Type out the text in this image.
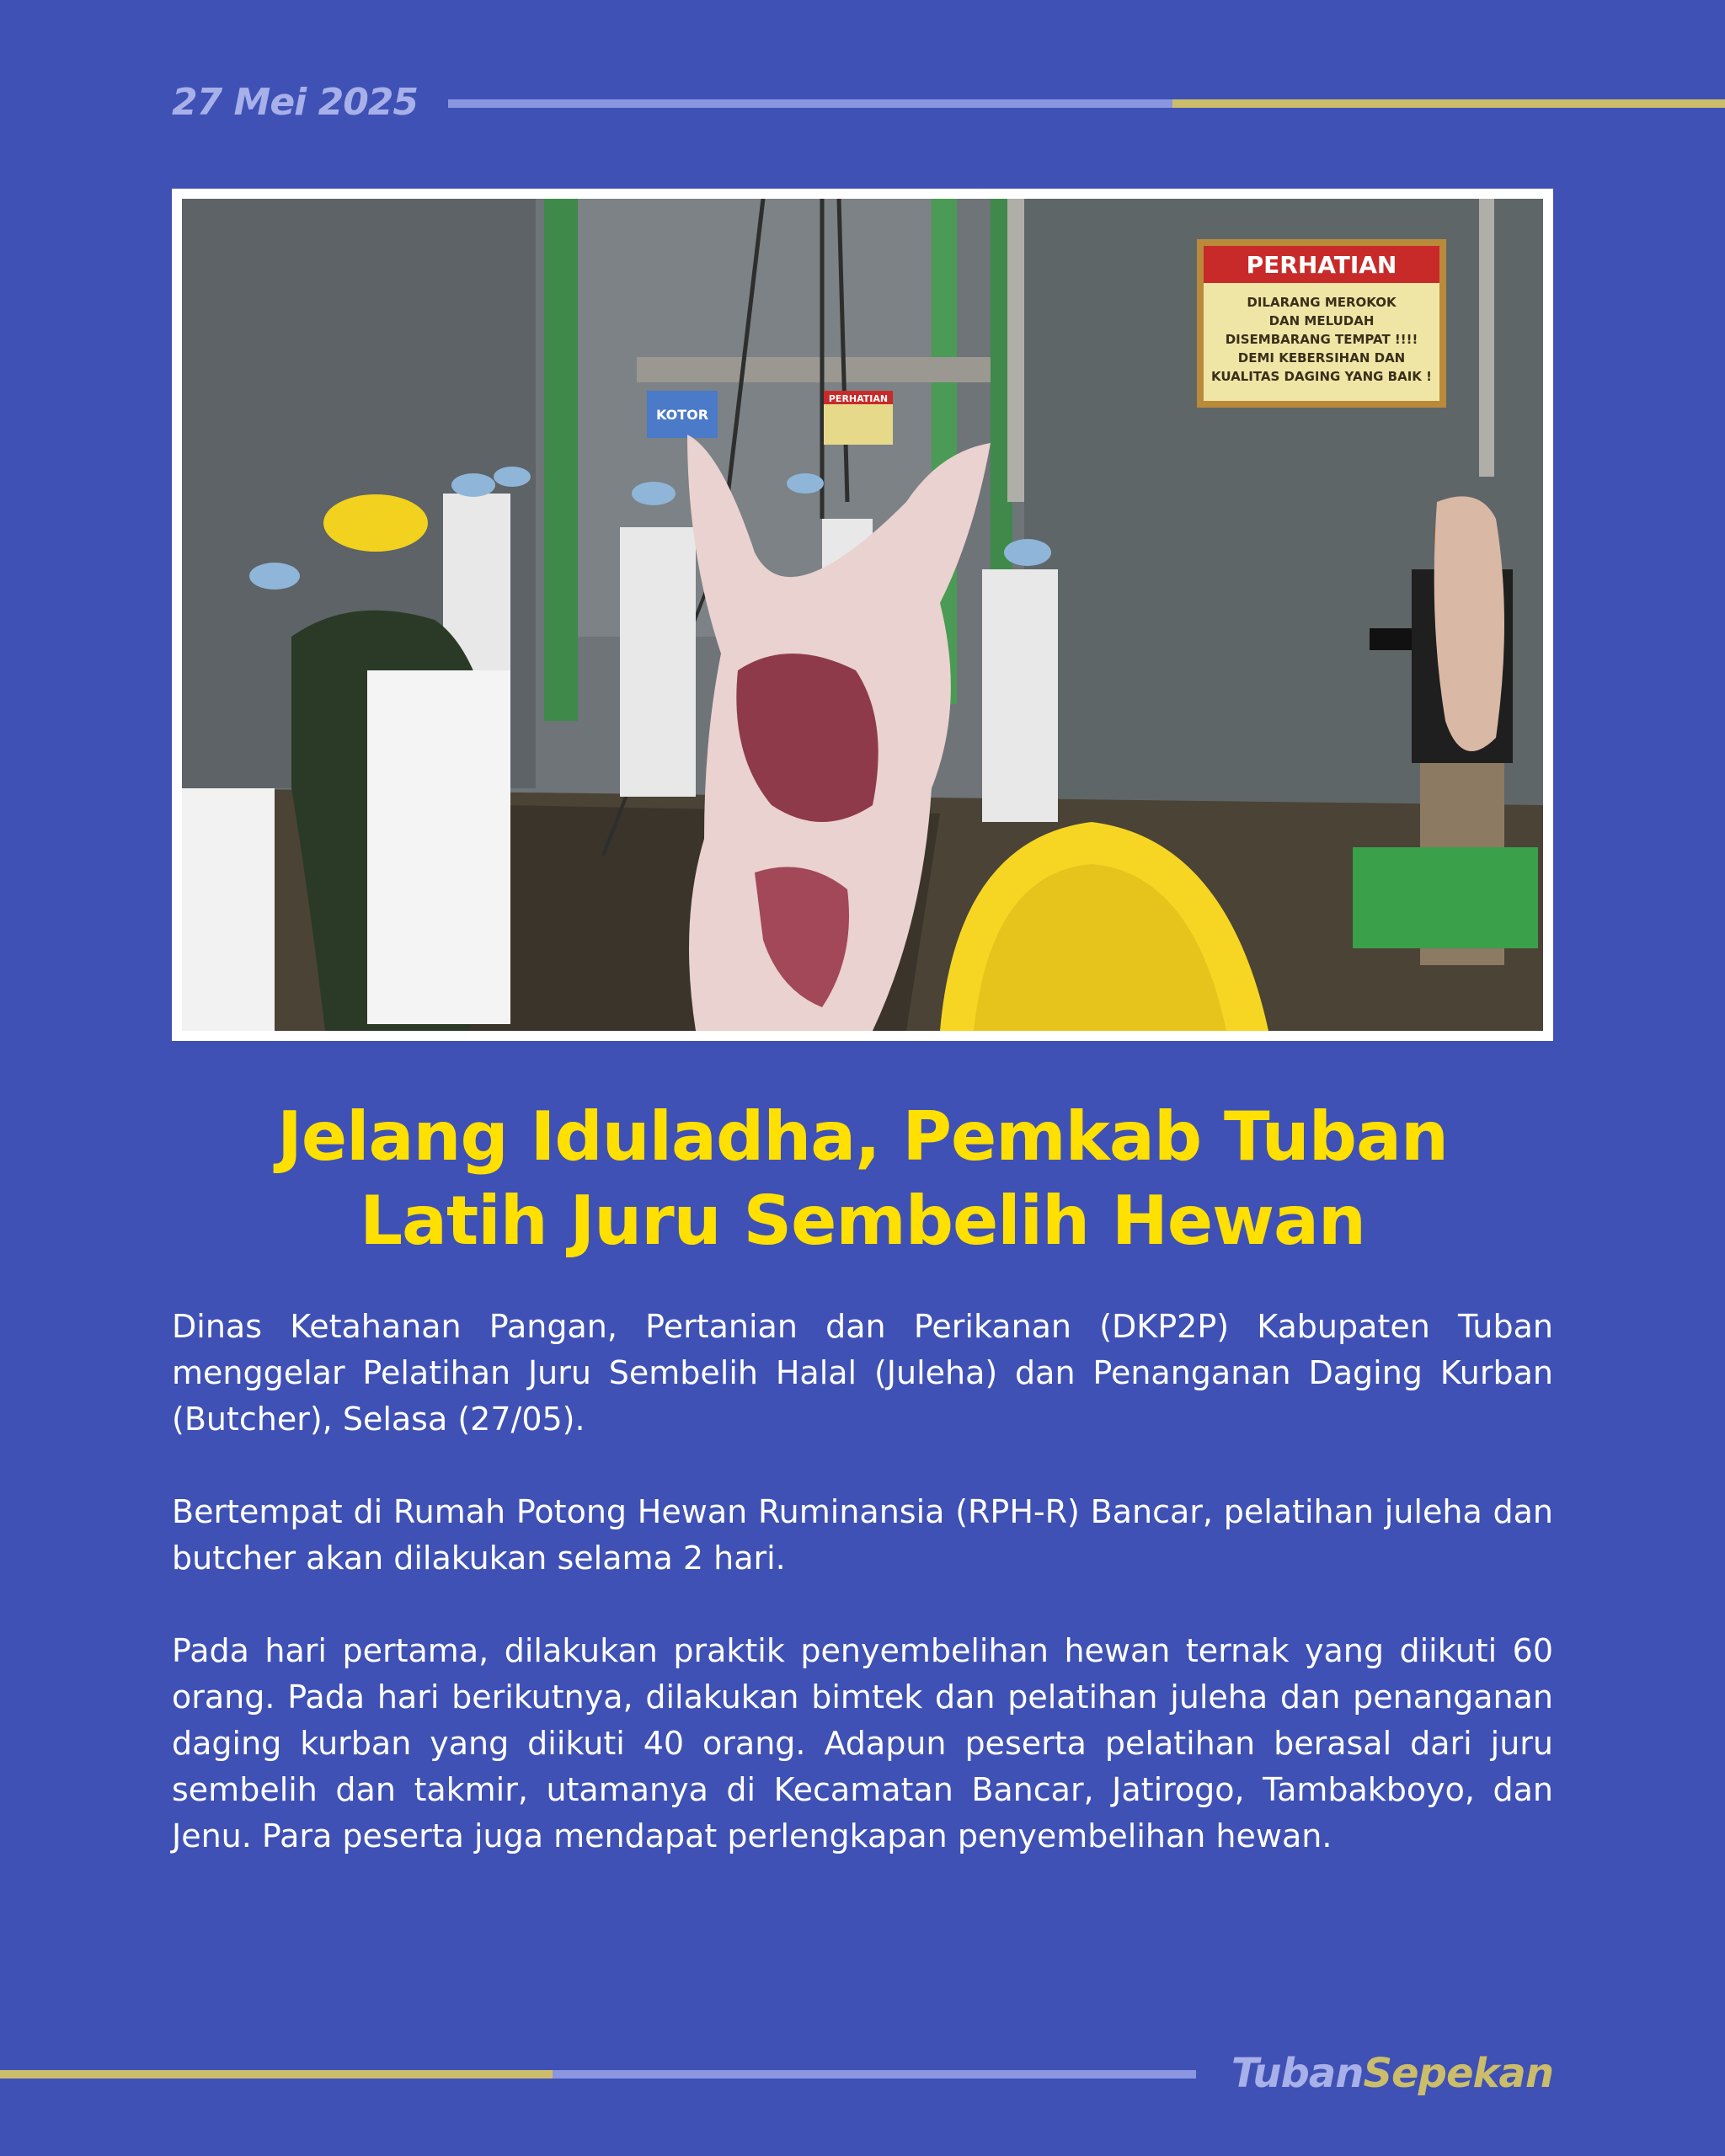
27 Mei 2025
PERHATIAN
DILARANG MEROKOK
DAN MELUDAH
DISEMBARANG TEMPAT !!!!
DEMI KEBERSIHAN DAN
KUALITAS DAGING YANG BAIK !
KOTOR
PERHATIAN
Jelang Iduladha, Pemkab Tuban
Latih Juru Sembelih Hewan

Dinas Ketahanan Pangan, Pertanian dan Perikanan (DKP2P) Kabupaten Tuban menggelar Pelatihan Juru Sembelih Halal (Juleha) dan Penanganan Daging Kurban (Butcher), Selasa (27/05).

Bertempat di Rumah Potong Hewan Ruminansia (RPH-R) Bancar, pelatihan juleha dan butcher akan dilakukan selama 2 hari.

Pada hari pertama, dilakukan praktik penyembelihan hewan ternak yang diikuti 60 orang. Pada hari berikutnya, dilakukan bimtek dan pelatihan juleha dan penanganan daging kurban yang diikuti 40 orang. Adapun peserta pelatihan berasal dari juru sembelih dan takmir, utamanya di Kecamatan Bancar, Jatirogo, Tambakboyo, dan Jenu. Para peserta juga mendapat perlengkapan penyembelihan hewan.

TubanSepekan
